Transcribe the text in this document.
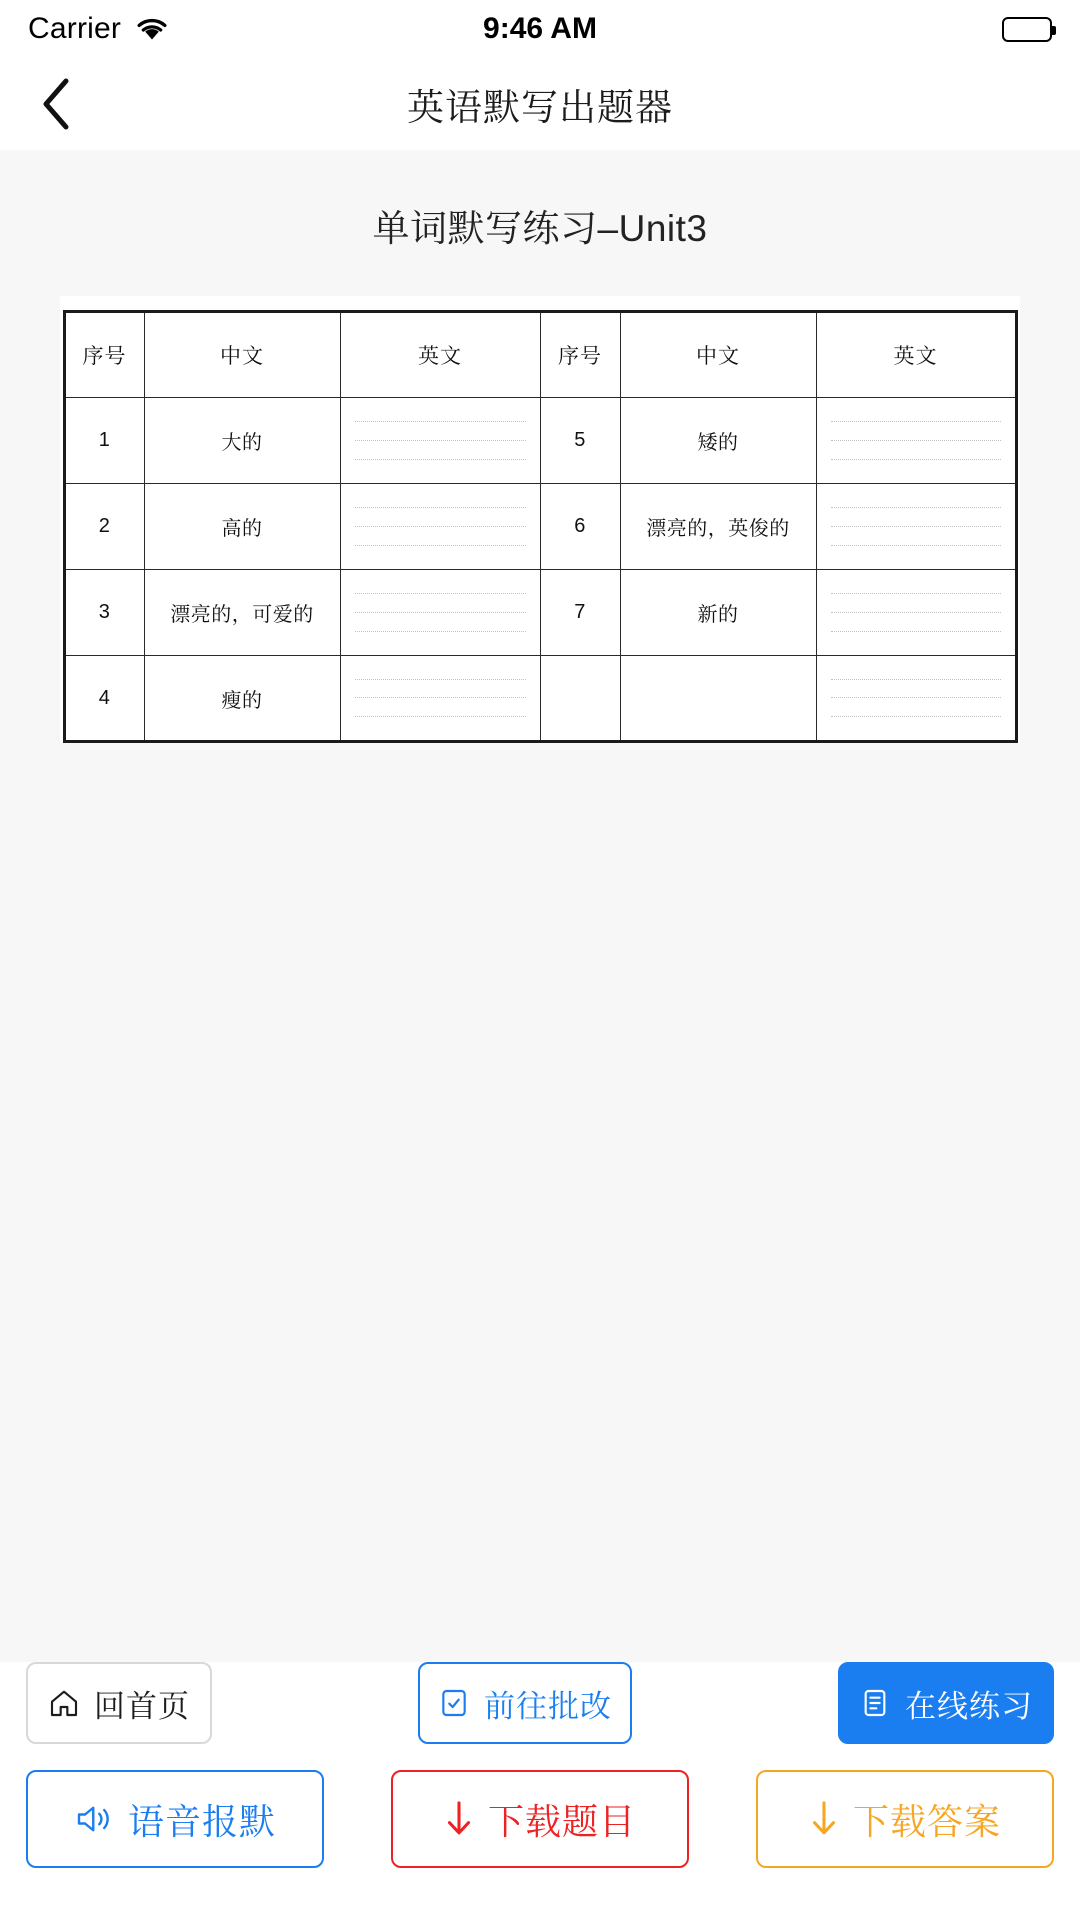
Carrier	9:46 AM
英语默写出题器
单词默写练习–Unit3
序号	中文	英文	序号	中文	英文
1	大的		5	矮的	

2	高的		6	漂亮的，英俊的	

3	漂亮的，可爱的		7	新的	

4	瘦的	

回首页	前往批改	在线练习
语音报默	下载题目	下载答案
